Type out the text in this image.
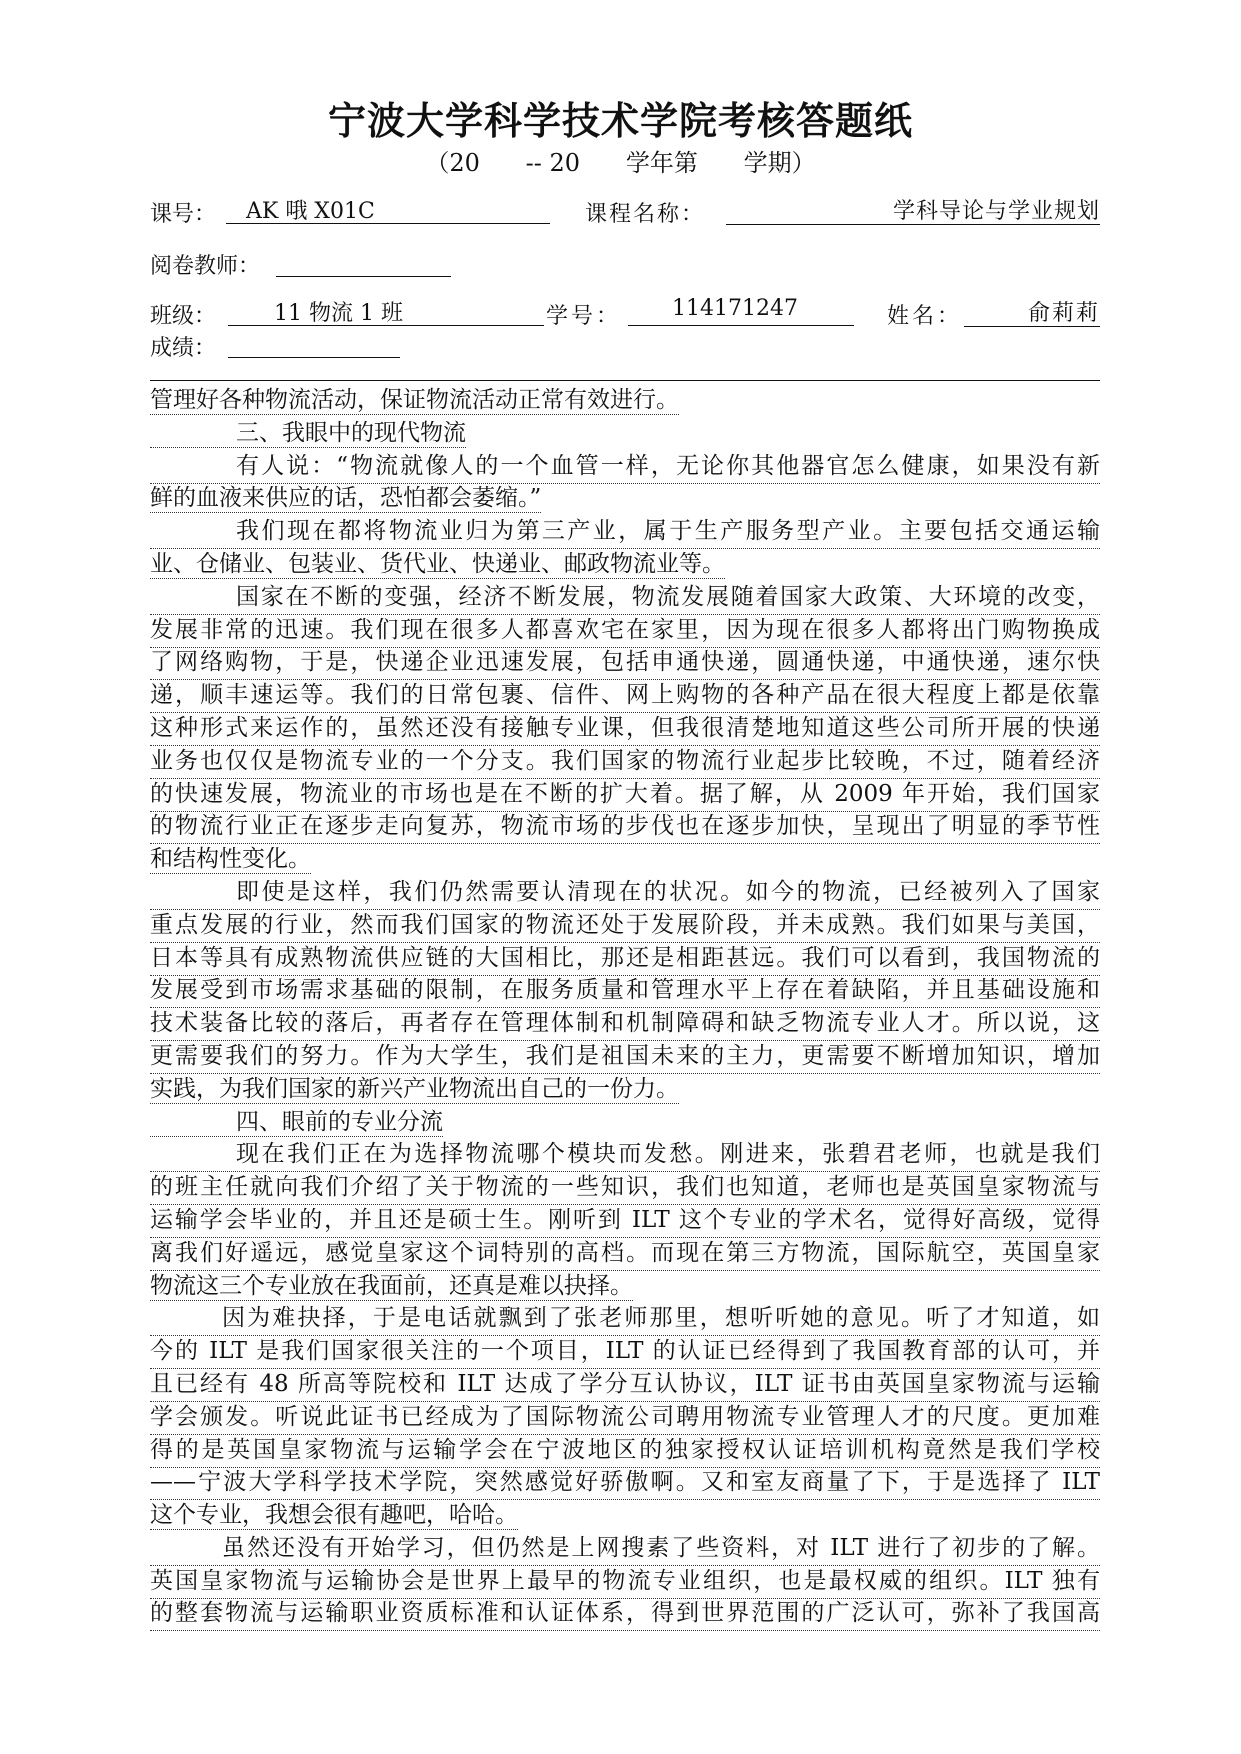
宁波大学科学技术学院考核答题纸
（20      -- 20      学年第      学期）
课号：	AK 哦 X01C	课程名称：	学科导论与学业规划
阅卷教师：
班级：	11 物流 1 班	学号：	114171247	姓名：	俞莉莉
成绩：
管理好各种物流活动，保证物流活动正常有效进行。
三、我眼中的现代物流
有人说：“物流就像人的一个血管一样，无论你其他器官怎么健康，如果没有新
鲜的血液来供应的话，恐怕都会萎缩。”
我们现在都将物流业归为第三产业，属于生产服务型产业。主要包括交通运输
业、仓储业、包装业、货代业、快递业、邮政物流业等。
国家在不断的变强，经济不断发展，物流发展随着国家大政策、大环境的改变，
发展非常的迅速。我们现在很多人都喜欢宅在家里，因为现在很多人都将出门购物换成
了网络购物，于是，快递企业迅速发展，包括申通快递，圆通快递，中通快递，速尔快
递，顺丰速运等。我们的日常包裹、信件、网上购物的各种产品在很大程度上都是依靠
这种形式来运作的，虽然还没有接触专业课，但我很清楚地知道这些公司所开展的快递
业务也仅仅是物流专业的一个分支。我们国家的物流行业起步比较晚，不过，随着经济
的快速发展，物流业的市场也是在不断的扩大着。据了解，从 2009 年开始，我们国家
的物流行业正在逐步走向复苏，物流市场的步伐也在逐步加快，呈现出了明显的季节性
和结构性变化。
即使是这样，我们仍然需要认清现在的状况。如今的物流，已经被列入了国家
重点发展的行业，然而我们国家的物流还处于发展阶段，并未成熟。我们如果与美国，
日本等具有成熟物流供应链的大国相比，那还是相距甚远。我们可以看到，我国物流的
发展受到市场需求基础的限制，在服务质量和管理水平上存在着缺陷，并且基础设施和
技术装备比较的落后，再者存在管理体制和机制障碍和缺乏物流专业人才。所以说，这
更需要我们的努力。作为大学生，我们是祖国未来的主力，更需要不断增加知识，增加
实践，为我们国家的新兴产业物流出自己的一份力。
四、眼前的专业分流
现在我们正在为选择物流哪个模块而发愁。刚进来，张碧君老师，也就是我们
的班主任就向我们介绍了关于物流的一些知识，我们也知道，老师也是英国皇家物流与
运输学会毕业的，并且还是硕士生。刚听到 ILT 这个专业的学术名，觉得好高级，觉得
离我们好遥远，感觉皇家这个词特别的高档。而现在第三方物流，国际航空，英国皇家
物流这三个专业放在我面前，还真是难以抉择。
因为难抉择，于是电话就飘到了张老师那里，想听听她的意见。听了才知道，如
今的 ILT 是我们国家很关注的一个项目，ILT 的认证已经得到了我国教育部的认可，并
且已经有 48 所高等院校和 ILT 达成了学分互认协议，ILT 证书由英国皇家物流与运输
学会颁发。听说此证书已经成为了国际物流公司聘用物流专业管理人才的尺度。更加难
得的是英国皇家物流与运输学会在宁波地区的独家授权认证培训机构竟然是我们学校
——宁波大学科学技术学院，突然感觉好骄傲啊。又和室友商量了下，于是选择了 ILT
这个专业，我想会很有趣吧，哈哈。
虽然还没有开始学习，但仍然是上网搜素了些资料，对 ILT 进行了初步的了解。
英国皇家物流与运输协会是世界上最早的物流专业组织，也是最权威的组织。ILT 独有
的整套物流与运输职业资质标准和认证体系，得到世界范围的广泛认可，弥补了我国高
